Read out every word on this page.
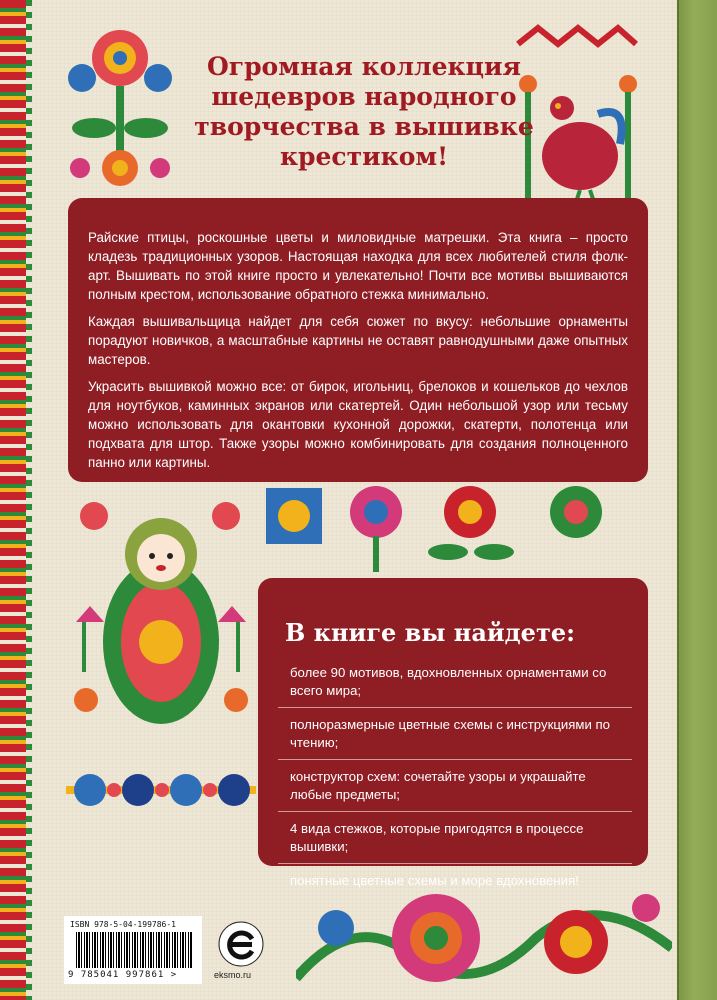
Огромная коллекция шедевров народного творчества в вышивке крестиком!

Райские птицы, роскошные цветы и миловидные матрешки. Эта книга – просто кладезь традиционных узоров. Настоящая находка для всех любителей стиля фолк-арт. Вышивать по этой книге просто и увлекательно! Почти все мотивы вышиваются полным крестом, использование обратного стежка минимально.

Каждая вышивальщица найдет для себя сюжет по вкусу: небольшие орнаменты порадуют новичков, а масштабные картины не оставят равнодушными даже опытных мастеров.

Украсить вышивкой можно все: от бирок, игольниц, брелоков и кошельков до чехлов для ноутбуков, каминных экранов или скатертей. Один небольшой узор или тесьму можно использовать для окантовки кухонной дорожки, скатерти, полотенца или подхвата для штор. Также узоры можно комбинировать для создания полноценного панно или картины.

В книге вы найдете:
более 90 мотивов, вдохновленных орнаментами со всего мира;
полноразмерные цветные схемы с инструкциями по чтению;
конструктор схем: сочетайте узоры и украшайте любые предметы;
4 вида стежков, которые пригодятся в процессе вышивки;
понятные цветные схемы и море вдохновения!
ISBN 978-5-04-199786-1
9 785041 997861 >	eksmo.ru
